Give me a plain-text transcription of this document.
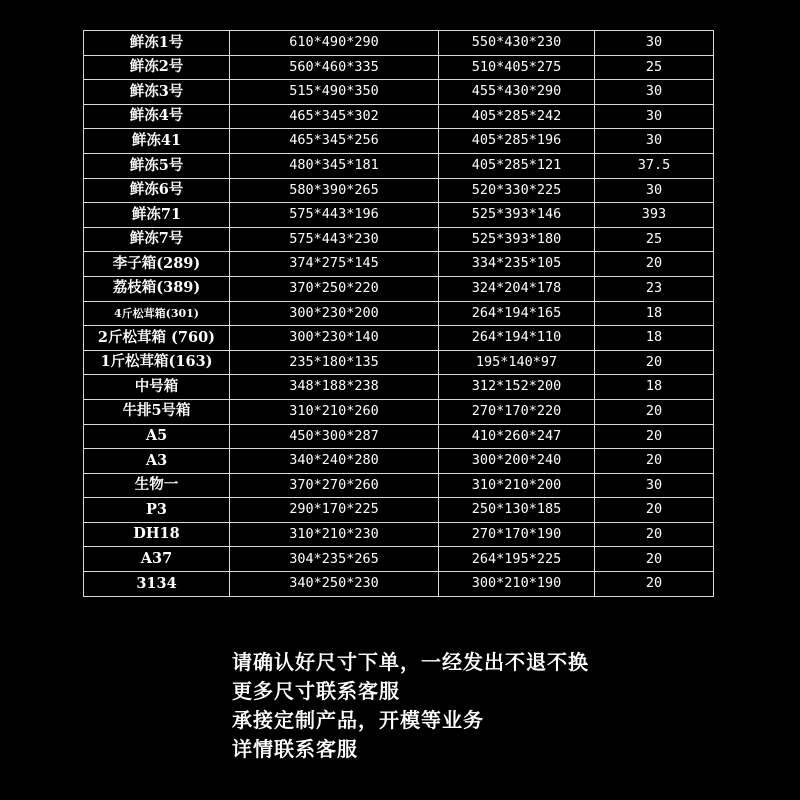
鲜冻1号	610*490*290	550*430*230	30
鲜冻2号	560*460*335	510*405*275	25
鲜冻3号	515*490*350	455*430*290	30
鲜冻4号	465*345*302	405*285*242	30
鲜冻41	465*345*256	405*285*196	30
鲜冻5号	480*345*181	405*285*121	37.5
鲜冻6号	580*390*265	520*330*225	30
鲜冻71	575*443*196	525*393*146	393
鲜冻7号	575*443*230	525*393*180	25
李子箱(289)	374*275*145	334*235*105	20
荔枝箱(389)	370*250*220	324*204*178	23
4斤松茸箱(301)	300*230*200	264*194*165	18
2斤松茸箱 (760)	300*230*140	264*194*110	18
1斤松茸箱(163)	235*180*135	195*140*97	20
中号箱	348*188*238	312*152*200	18
牛排5号箱	310*210*260	270*170*220	20
A5	450*300*287	410*260*247	20
A3	340*240*280	300*200*240	20
生物一	370*270*260	310*210*200	30
P3	290*170*225	250*130*185	20
DH18	310*210*230	270*170*190	20
A37	304*235*265	264*195*225	20
3134	340*250*230	300*210*190	20
请确认好尺寸下单，一经发出不退不换
更多尺寸联系客服
承接定制产品，开模等业务
详情联系客服
